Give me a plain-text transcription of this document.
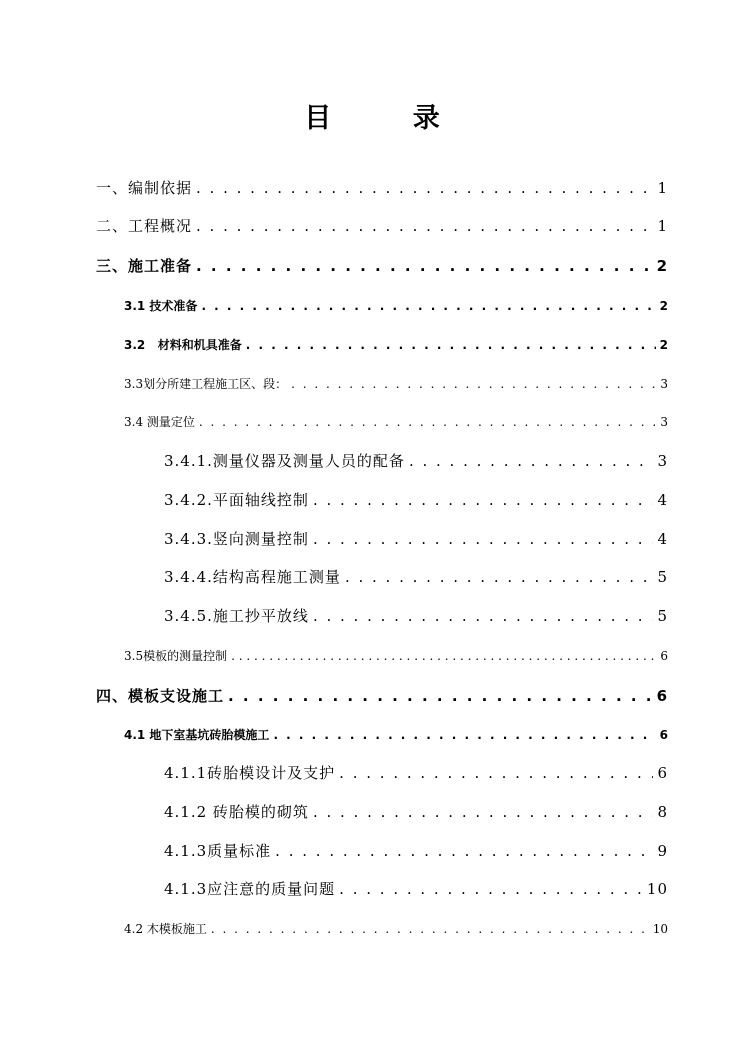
目 录
一、编制依据 . . .	1
二、工程概况 . . .	1
三、施工准备 . . .	2
3.1 技术准备 . . .	2
3.2   材料和机具准备 . . .	2
3.3划分所建工程施工区、段： . . .	3
3.4 测量定位 . . .	3
3.4.1.测量仪器及测量人员的配备 . . .	3
3.4.2.平面轴线控制 . . .	4
3.4.3.竖向测量控制 . . .	4
3.4.4.结构高程施工测量 . . .	5
3.4.5.施工抄平放线 . . .	5
3.5模板的测量控制 . . .	6
四、模板支设施工 . . .	6
4.1 地下室基坑砖胎模施工 . . .	6
4.1.1砖胎模设计及支护 . . .	6
4.1.2 砖胎模的砌筑 . . .	8
4.1.3质量标准 . . .	9
4.1.3应注意的质量问题 . . .	10
4.2 木模板施工 . . .	10
